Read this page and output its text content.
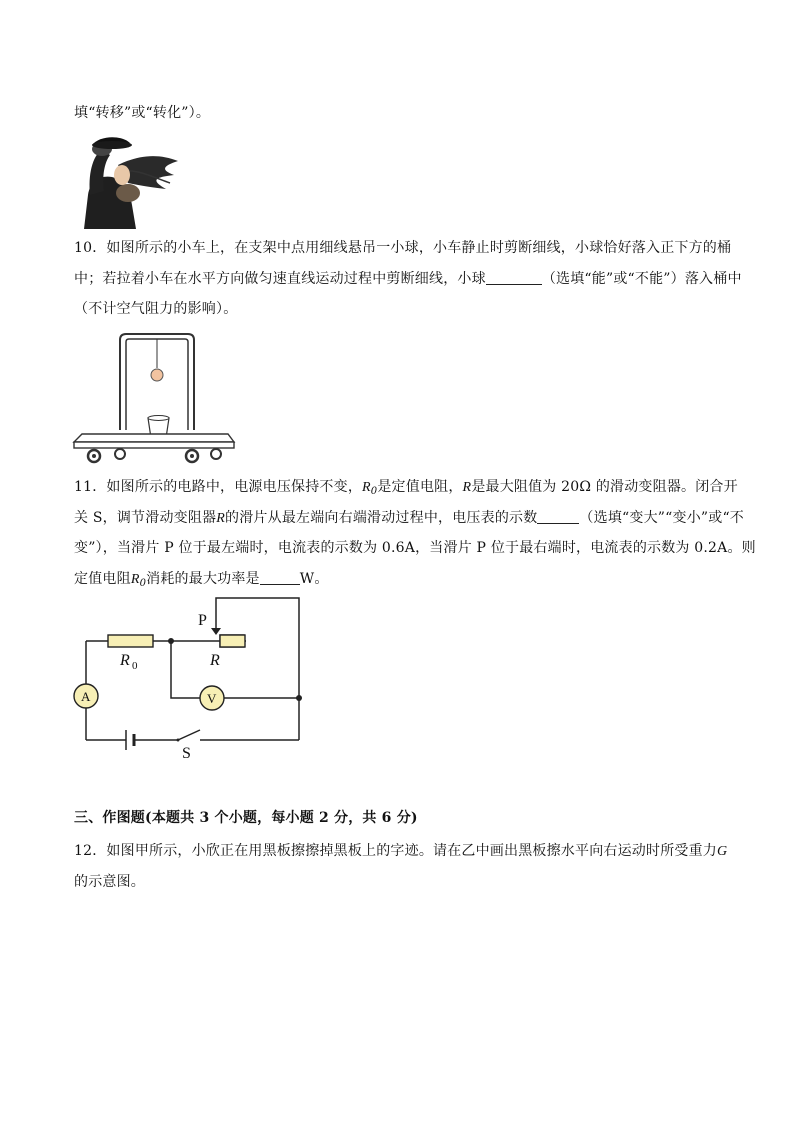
填“转移”或“转化”）。
10．如图所示的小车上，在支架中点用细线悬吊一小球，小车静止时剪断细线，小球恰好落入正下方的桶
中；若拉着小车在水平方向做匀速直线运动过程中剪断细线，小球	（选填“能”或“不能”）落入桶中
（不计空气阻力的影响）。
11．如图所示的电路中，电源电压保持不变，$R_0$是定值电阻，R是最大阻值为 20Ω 的滑动变阻器。闭合开
关 S，调节滑动变阻器R的滑片从最左端向右端滑动过程中，电压表的示数	（选填“变大”“变小”或“不
变”），当滑片 P 位于最左端时，电流表的示数为 0.6A，当滑片 P 位于最右端时，电流表的示数为 0.2A。则
定值电阻$R_0$消耗的最大功率是	W。
P
R 0	R
A	V
S
三、作图题(本题共 3 个小题，每小题 2 分，共 6 分)
12．如图甲所示，小欣正在用黑板擦擦掉黑板上的字迹。请在乙中画出黑板擦水平向右运动时所受重力G
的示意图。
